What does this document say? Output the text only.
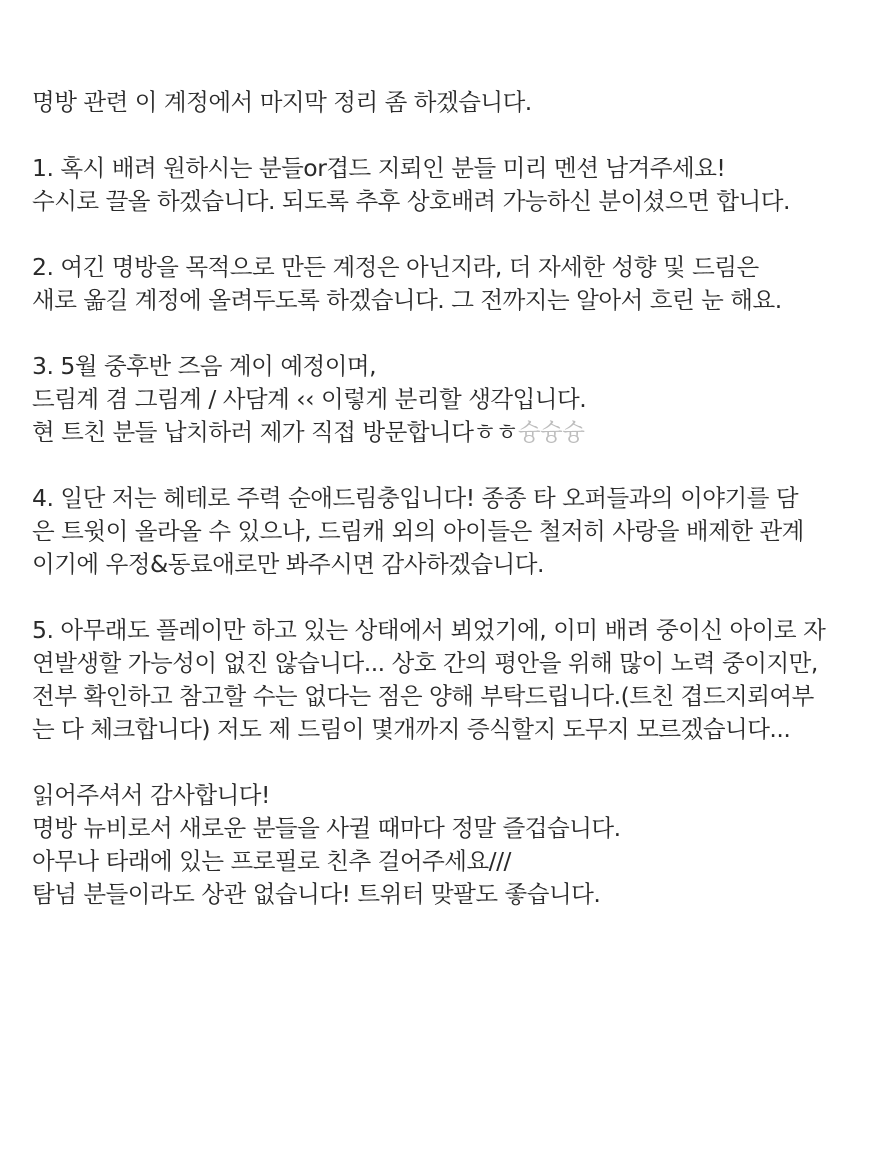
명방 관련 이 계정에서 마지막 정리 좀 하겠습니다.
1. 혹시 배려 원하시는 분들or겹드 지뢰인 분들 미리 멘션 남겨주세요!
수시로 끌올 하겠습니다. 되도록 추후 상호배려 가능하신 분이셨으면 합니다.
2. 여긴 명방을 목적으로 만든 계정은 아닌지라, 더 자세한 성향 및 드림은
새로 옮길 계정에 올려두도록 하겠습니다. 그 전까지는 알아서 흐린 눈 해요.
3. 5월 중후반 즈음 계이 예정이며,
드림계 겸 그림계 / 사담계 ‹‹ 이렇게 분리할 생각입니다.
현 트친 분들 납치하러 제가 직접 방문합니다ㅎㅎ슝슝슝
4. 일단 저는 헤테로 주력 순애드림충입니다! 종종 타 오퍼들과의 이야기를 담
은 트윗이 올라올 수 있으나, 드림캐 외의 아이들은 철저히 사랑을 배제한 관계
이기에 우정&동료애로만 봐주시면 감사하겠습니다.
5. 아무래도 플레이만 하고 있는 상태에서 뵈었기에, 이미 배려 중이신 아이로 자
연발생할 가능성이 없진 않습니다... 상호 간의 평안을 위해 많이 노력 중이지만,
전부 확인하고 참고할 수는 없다는 점은 양해 부탁드립니다.(트친 겹드지뢰여부
는 다 체크합니다) 저도 제 드림이 몇개까지 증식할지 도무지 모르겠습니다...
읽어주셔서 감사합니다!
명방 뉴비로서 새로운 분들을 사귈 때마다 정말 즐겁습니다.
아무나 타래에 있는 프로필로 친추 걸어주세요///
탐넘 분들이라도 상관 없습니다! 트위터 맞팔도 좋습니다.
